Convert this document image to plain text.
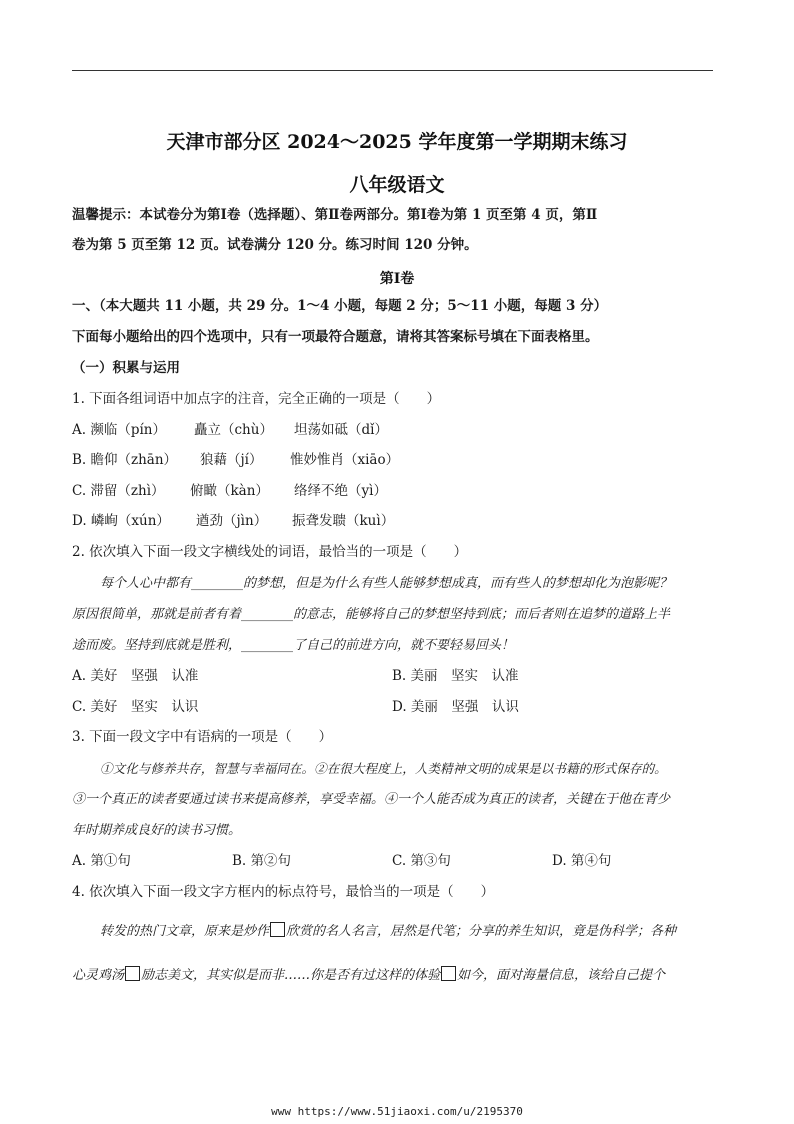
天津市部分区 2024～2025 学年度第一学期期末练习
八年级语文
温馨提示：本试卷分为第Ⅰ卷（选择题）、第Ⅱ卷两部分。第Ⅰ卷为第 1 页至第 4 页，第Ⅱ
卷为第 5 页至第 12 页。试卷满分 120 分。练习时间 120 分钟。
第Ⅰ卷
一、（本大题共 11 小题，共 29 分。1～4 小题，每题 2 分；5～11 小题，每题 3 分）
下面每小题给出的四个选项中，只有一项最符合题意，请将其答案标号填在下面表格里。
（一）积累与运用
1. 下面各组词语中加点字的注音，完全正确的一项是（　　）
A. 濒临（pín） 矗立（chù） 坦荡如砥（dǐ）
B. 瞻仰（zhān） 狼藉（jí） 惟妙惟肖（xiāo）
C. 滞留（zhì） 俯瞰（kàn） 络绎不绝（yì）
D. 嶙峋（xún） 遒劲（jìn） 振聋发聩（kuì）
2. 依次填入下面一段文字横线处的词语，最恰当的一项是（　　）
每个人心中都有________的梦想，但是为什么有些人能够梦想成真，而有些人的梦想却化为泡影呢？
原因很简单，那就是前者有着________的意志，能够将自己的梦想坚持到底；而后者则在追梦的道路上半
途而废。坚持到底就是胜利，________了自己的前进方向，就不要轻易回头！
A. 美好　坚强　认准	B. 美丽　坚实　认准
C. 美好　坚实　认识	D. 美丽　坚强　认识
3. 下面一段文字中有语病的一项是（　　）
①文化与修养共存，智慧与幸福同在。②在很大程度上，人类精神文明的成果是以书籍的形式保存的。
③一个真正的读者要通过读书来提高修养，享受幸福。④一个人能否成为真正的读者，关键在于他在青少
年时期养成良好的读书习惯。
A. 第①句	B. 第②句	C. 第③句	D. 第④句
4. 依次填入下面一段文字方框内的标点符号，最恰当的一项是（　　）
转发的热门文章，原来是炒作 欣赏的名人名言，居然是代笔；分享的养生知识，竟是伪科学；各种
心灵鸡汤 励志美文，其实似是而非……你是否有过这样的体验 如今，面对海量信息，该给自己提个
www https://www.51jiaoxi.com/u/2195370
